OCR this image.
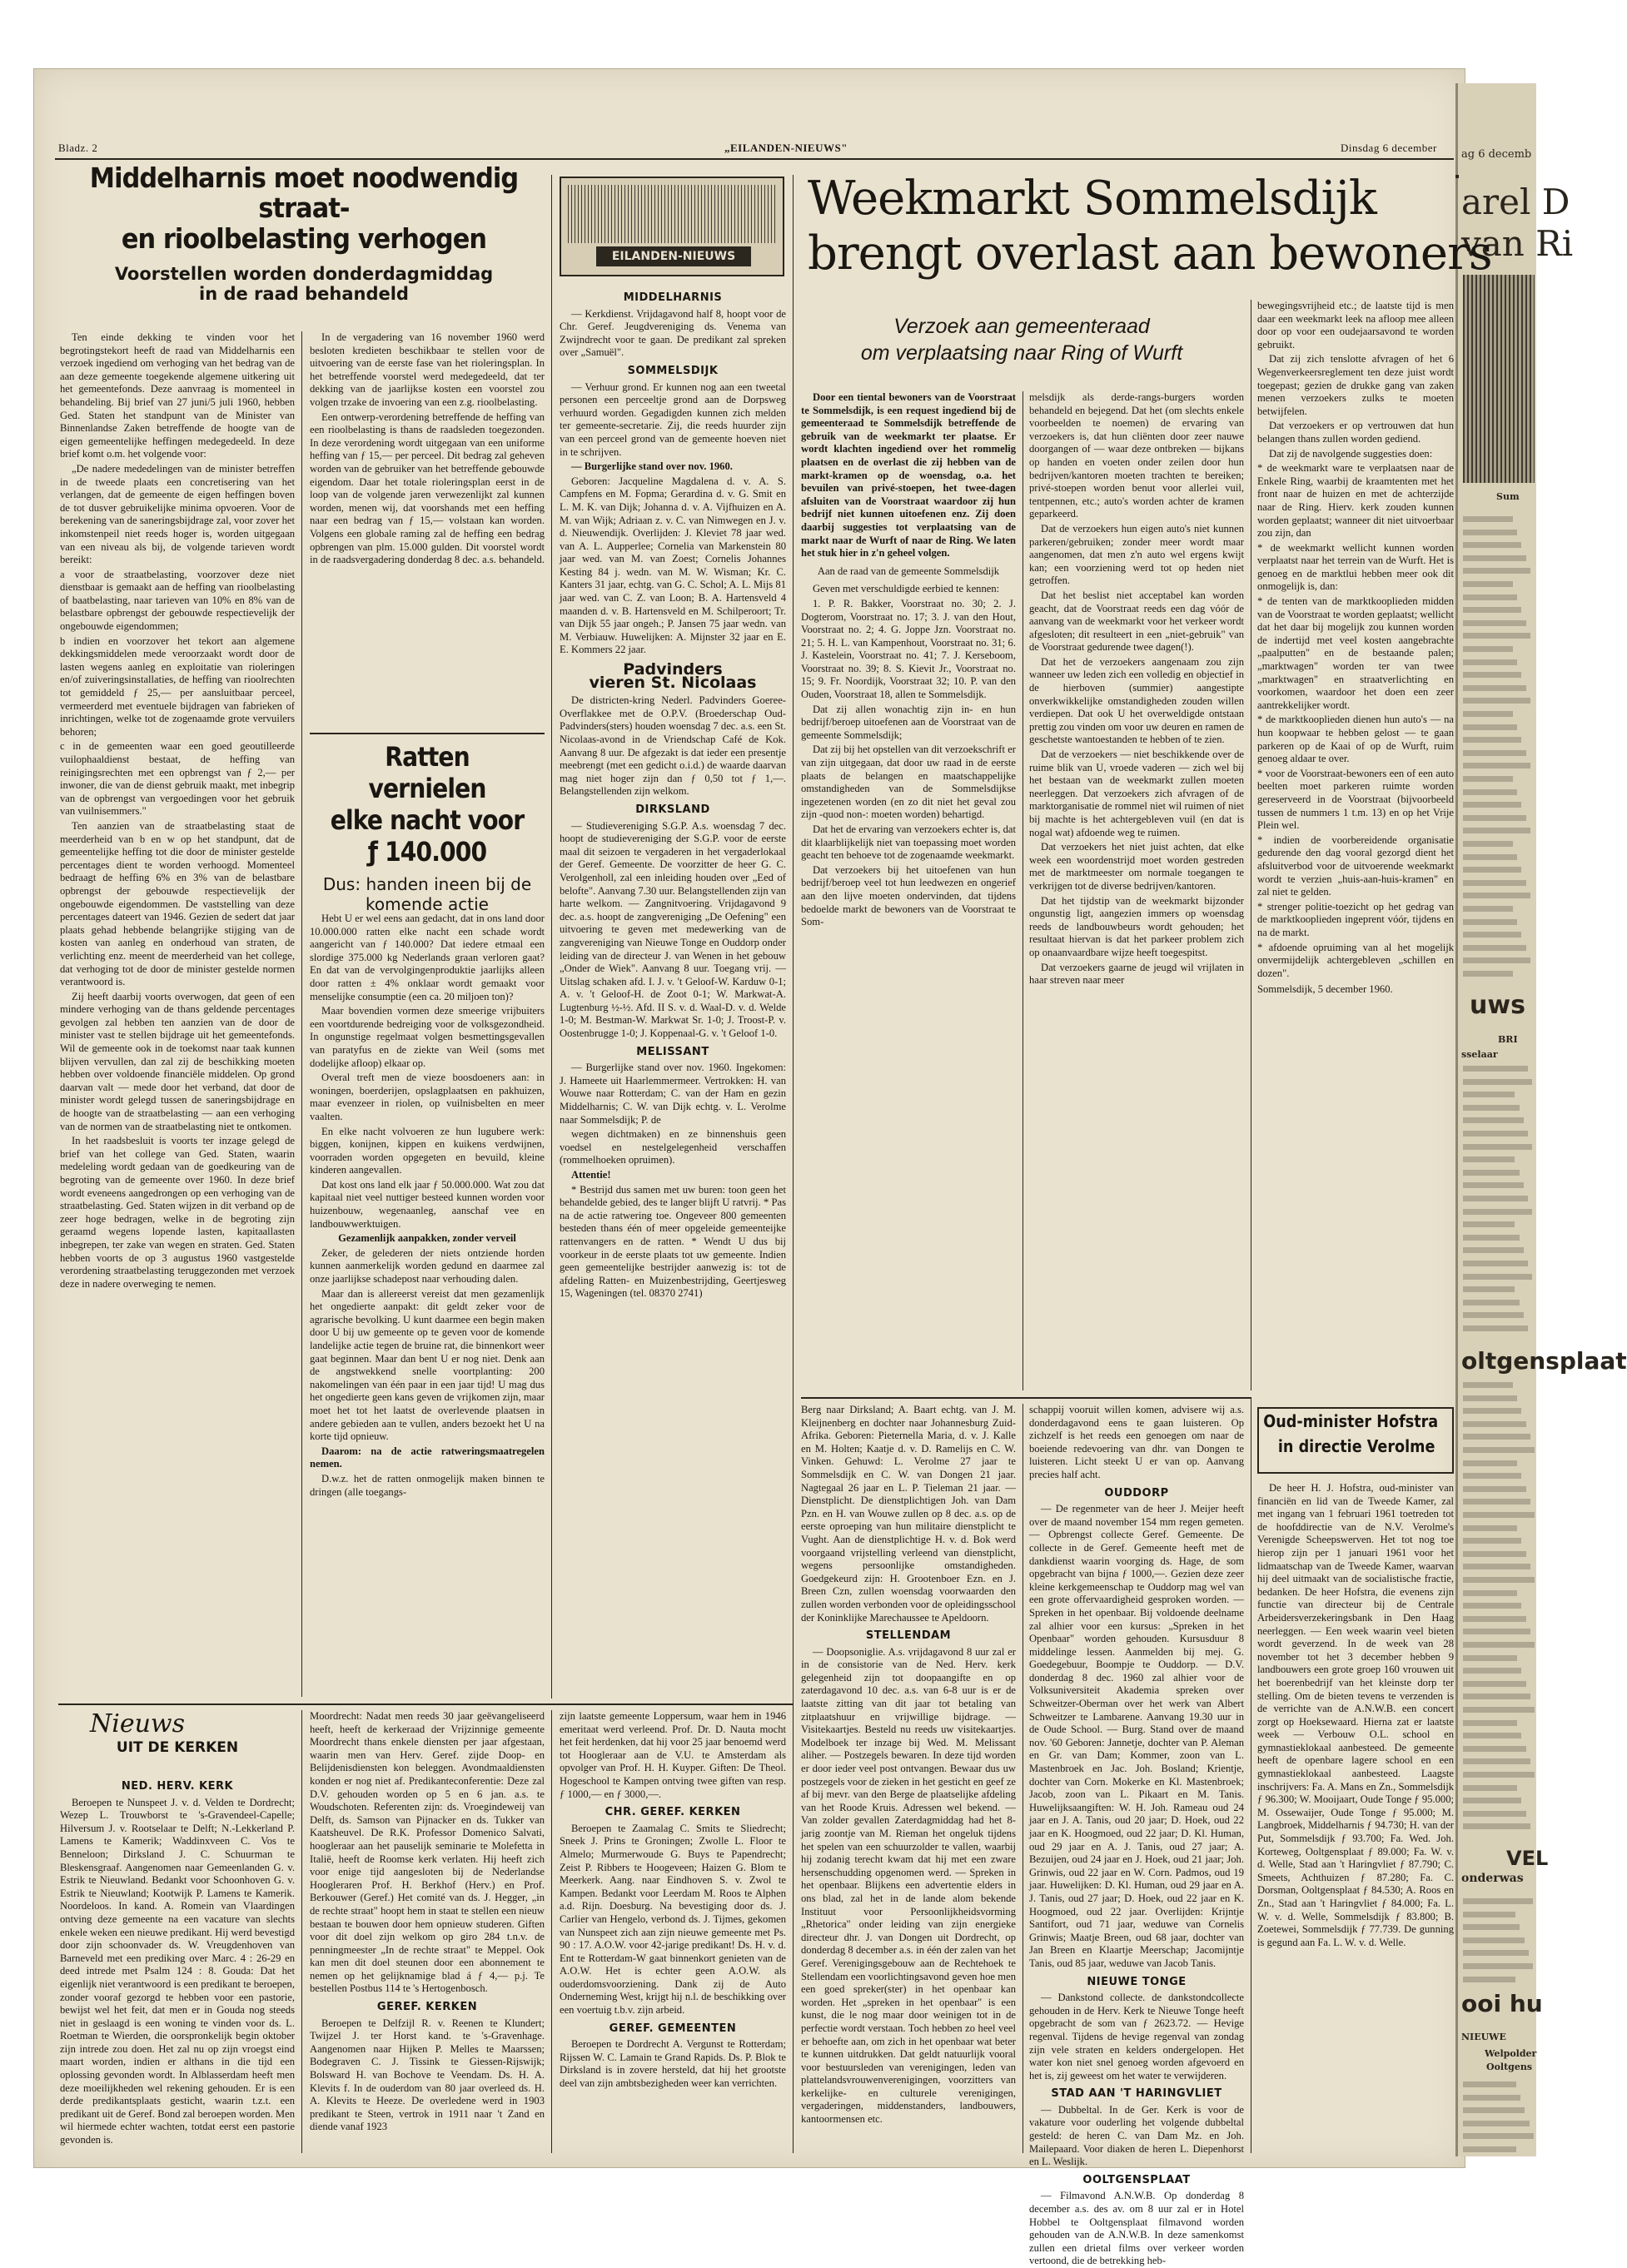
ag 6 decemb
arel D
van Ri
Sum
uws
BRI
sselaar
oltgensplaat
VEL
onderwas
ooi hu
NIEUWE
Welpolder
Ooltgens
Bladz. 2	„EILANDEN-NIEUWS"	Dinsdag 6 december
Middelharnis moet noodwendig straat-
en rioolbelasting verhogen
Voorstellen worden donderdagmiddag
in de raad behandeld

Ten einde dekking te vinden voor het begrotingstekort heeft de raad van Middelharnis een verzoek ingediend om verhoging van het bedrag van de aan deze gemeente toegekende algemene uitkering uit het gemeentefonds. Deze aanvraag is momenteel in behandeling. Bij brief van 27 juni/5 juli 1960, hebben Ged. Staten het standpunt van de Minister van Binnenlandse Zaken betreffende de hoogte van de eigen gemeentelijke heffingen medegedeeld. In deze brief komt o.m. het volgende voor:

„De nadere mededelingen van de minister betreffen in de tweede plaats een concretisering van het verlangen, dat de gemeente de eigen heffingen boven de tot dusver gebruikelijke minima opvoeren. Voor de berekening van de saneringsbijdrage zal, voor zover het inkomstenpeil niet reeds hoger is, worden uitgegaan van een niveau als bij, de volgende tarieven wordt bereikt:

a voor de straatbelasting, voorzover deze niet dienstbaar is gemaakt aan de heffing van rioolbelasting of baatbelasting, naar tarieven van 10% en 8% van de belastbare opbrengst der gebouwde respectievelijk der ongebouwde eigendommen;

b indien en voorzover het tekort aan algemene dekkingsmiddelen mede veroorzaakt wordt door de lasten wegens aanleg en exploitatie van rioleringen en/of zuiveringsinstallaties, de heffing van rioolrechten tot gemiddeld ƒ 25,— per aansluitbaar perceel, vermeerderd met eventuele bijdragen van fabrieken of inrichtingen, welke tot de zogenaamde grote vervuilers behoren;

c in de gemeenten waar een goed geoutilleerde vuilophaaldienst bestaat, de heffing van reinigingsrechten met een opbrengst van ƒ 2,— per inwoner, die van de dienst gebruik maakt, met inbegrip van de opbrengst van vergoedingen voor het gebruik van vuilnisemmers."

Ten aanzien van de straatbelasting staat de meerderheid van b en w op het standpunt, dat de gemeentelijke heffing tot die door de minister gestelde percentages dient te worden verhoogd. Momenteel bedraagt de heffing 6% en 3% van de belastbare opbrengst der gebouwde respectievelijk der ongebouwde eigendommen. De vaststelling van deze percentages dateert van 1946. Gezien de sedert dat jaar plaats gehad hebbende belangrijke stijging van de kosten van aanleg en onderhoud van straten, de verlichting enz. meent de meerderheid van het college, dat verhoging tot de door de minister gestelde normen verantwoord is.

Zij heeft daarbij voorts overwogen, dat geen of een mindere verhoging van de thans geldende percentages gevolgen zal hebben ten aanzien van de door de minister vast te stellen bijdrage uit het gemeentefonds. Wil de gemeente ook in de toekomst naar taak kunnen blijven vervullen, dan zal zij de beschikking moeten hebben over voldoende financiële middelen. Op grond daarvan valt — mede door het verband, dat door de minister wordt gelegd tussen de saneringsbijdrage en de hoogte van de straatbelasting — aan een verhoging van de normen van de straatbelasting niet te ontkomen.

In het raadsbesluit is voorts ter inzage gelegd de brief van het college van Ged. Staten, waarin medeleling wordt gedaan van de goedkeuring van de begroting van de gemeente over 1960. In deze brief wordt eveneens aangedrongen op een verhoging van de straatbelasting. Ged. Staten wijzen in dit verband op de zeer hoge bedragen, welke in de begroting zijn geraamd wegens lopende lasten, kapitaallasten inbegrepen, ter zake van wegen en straten. Ged. Staten hebben voorts de op 3 augustus 1960 vastgestelde verordening straatbelasting teruggezonden met verzoek deze in nadere overweging te nemen.

In de vergadering van 16 november 1960 werd besloten kredieten beschikbaar te stellen voor de uitvoering van de eerste fase van het rioleringsplan. In het betreffende voorstel werd medegedeeld, dat ter dekking van de jaarlijkse kosten een voorstel zou volgen trzake de invoering van een z.g. rioolbelasting.

Een ontwerp-verordening betreffende de heffing van een rioolbelasting is thans de raadsleden toegezonden. In deze verordening wordt uitgegaan van een uniforme heffing van ƒ 15,— per perceel. Dit bedrag zal geheven worden van de gebruiker van het betreffende gebouwde eigendom. Daar het totale rioleringsplan eerst in de loop van de volgende jaren verwezenlijkt zal kunnen worden, menen wij, dat voorshands met een heffing naar een bedrag van ƒ 15,— volstaan kan worden. Volgens een globale raming zal de heffing een bedrag opbrengen van plm. 15.000 gulden. Dit voorstel wordt in de raadsvergadering donderdag 8 dec. a.s. behandeld.

Ratten vernielen
elke nacht voor
ƒ 140.000
Dus: handen ineen bij de
komende actie

Hebt U er wel eens aan gedacht, dat in ons land door 10.000.000 ratten elke nacht een schade wordt aangericht van ƒ 140.000? Dat iedere etmaal een slordige 375.000 kg Nederlands graan verloren gaat? En dat van de vervolgingenproduktie jaarlijks alleen door ratten ± 4% onklaar wordt gemaakt voor menselijke consumptie (een ca. 20 miljoen ton)?

Maar bovendien vormen deze smeerige vrijbuiters een voortdurende bedreiging voor de volksgezondheid. In ongunstige regelmaat volgen besmettingsgevallen van paratyfus en de ziekte van Weil (soms met dodelijke afloop) elkaar op.

Overal treft men de vieze boosdoeners aan: in woningen, boerderijen, opslagplaatsen en pakhuizen, maar evenzeer in riolen, op vuilnisbelten en meer vaalten.

En elke nacht volvoeren ze hun lugubere werk: biggen, konijnen, kippen en kuikens verdwijnen, voorraden worden opgegeten en bevuild, kleine kinderen aangevallen.

Dat kost ons land elk jaar ƒ 50.000.000. Wat zou dat kapitaal niet veel nuttiger besteed kunnen worden voor huizenbouw, wegenaanleg, aanschaf vee en landbouwwerktuigen.

Gezamenlijk aanpakken, zonder verveil

Zeker, de gelederen der niets ontziende horden kunnen aanmerkelijk worden gedund en daarmee zal onze jaarlijkse schadepost naar verhouding dalen.

Maar dan is allereerst vereist dat men gezamenlijk het ongedierte aanpakt: dit geldt zeker voor de agrarische bevolking. U kunt daarmee een begin maken door U bij uw gemeente op te geven voor de komende landelijke actie tegen de bruine rat, die binnenkort weer gaat beginnen. Maar dan bent U er nog niet. Denk aan de angstwekkend snelle voortplanting: 200 nakomelingen van één paar in een jaar tijd! U mag dus het ongedierte geen kans geven de vrijkomen zijn, maar moet het tot het laatst de overlevende plaatsen in andere gebieden aan te vullen, anders bezoekt het U na korte tijd opnieuw.

Daarom: na de actie ratweringsmaatregelen nemen.

D.w.z. het de ratten onmogelijk maken binnen te dringen (alle toegangs-

EILANDEN-NIEUWS
MIDDELHARNIS

— Kerkdienst. Vrijdagavond half 8, hoopt voor de Chr. Geref. Jeugdvereniging ds. Venema van Zwijndrecht voor te gaan. De predikant zal spreken over „Samuël".

SOMMELSDIJK

— Verhuur grond. Er kunnen nog aan een tweetal personen een perceeltje grond aan de Dorpsweg verhuurd worden. Gegadigden kunnen zich melden ter gemeente-secretarie. Zij, die reeds huurder zijn van een perceel grond van de gemeente hoeven niet in te schrijven.

— Burgerlijke stand over nov. 1960.

Geboren: Jacqueline Magdalena d. v. A. S. Campfens en M. Fopma; Gerardina d. v. G. Smit en L. M. K. van Dijk; Johanna d. v. A. Vijfhuizen en A. M. van Wijk; Adriaan z. v. C. van Nimwegen en J. v. d. Nieuwendijk. Overlijden: J. Kleviet 78 jaar wed. van A. L. Aupperlee; Cornelia van Markenstein 80 jaar wed. van M. van Zoest; Cornelis Johannes Kesting 84 j. wedn. van M. W. Wisman; Kr. C. Kanters 31 jaar, echtg. van G. C. Schol; A. L. Mijs 81 jaar wed. van C. Z. van Loon; B. A. Hartensveld 4 maanden d. v. B. Hartensveld en M. Schilperoort; Tr. van Dijk 55 jaar ongeh.; P. Jansen 75 jaar wedn. van M. Verbiauw. Huwelijken: A. Mijnster 32 jaar en E. E. Kommers 22 jaar.

Padvinders
vieren St. Nicolaas

De districten-kring Nederl. Padvinders Goeree-Overflakkee met de O.P.V. (Broederschap Oud-Padvinders(sters) houden woensdag 7 dec. a.s. een St. Nicolaas-avond in de Vriendschap Café de Kok. Aanvang 8 uur. De afgezakt is dat ieder een presentje meebrengt (met een gedicht o.i.d.) de waarde daarvan mag niet hoger zijn dan ƒ 0,50 tot ƒ 1,—. Belangstellenden zijn welkom.

DIRKSLAND

— Studievereniging S.G.P. A.s. woensdag 7 dec. hoopt de studievereniging der S.G.P. voor de eerste maal dit seizoen te vergaderen in het vergaderlokaal der Geref. Gemeente. De voorzitter de heer G. C. Verolgenholl, zal een inleiding houden over „Eed of belofte". Aanvang 7.30 uur. Belangstellenden zijn van harte welkom. — Zangnitvoering. Vrijdagavond 9 dec. a.s. hoopt de zangvereniging „De Oefening" een uitvoering te geven met medewerking van de zangvereniging van Nieuwe Tonge en Ouddorp onder leiding van de directeur J. van Wenen in het gebouw „Onder de Wiek". Aanvang 8 uur. Toegang vrij. — Uitslag schaken afd. I. J. v. 't Geloof-W. Karduw 0-1; A. v. 't Geloof-H. de Zoot 0-1; W. Markwat-A. Lugtenburg ½-½. Afd. II S. v. d. Waal-D. v. d. Welde 1-0; M. Bestman-W. Markwat Sr. 1-0; J. Troost-P. v. Oostenbrugge 1-0; J. Koppenaal-G. v. 't Geloof 1-0.

MELISSANT

— Burgerlijke stand over nov. 1960. Ingekomen: J. Hameete uit Haarlemmermeer. Vertrokken: H. van Wouwe naar Rotterdam; C. van der Ham en gezin Middelharnis; C. W. van Dijk echtg. v. L. Verolme naar Sommelsdijk; P. de

wegen dichtmaken) en ze binnenshuis geen voedsel en nestelgelegenheid verschaffen (rommelhoeken opruimen).

Attentie!

* Bestrijd dus samen met uw buren: toon geen het behandelde gebied, des te langer blijft U ratvrij. * Pas na de actie ratwering toe. Ongeveer 800 gemeenten besteden thans één of meer opgeleide gemeenteijke rattenvangers en de ratten. * Wendt U dus bij voorkeur in de eerste plaats tot uw gemeente. Indien geen gemeentelijke bestrijder aanwezig is: tot de afdeling Ratten- en Muizenbestrijding, Geertjesweg 15, Wageningen (tel. 08370 2741)

Weekmarkt Sommelsdijk
brengt overlast aan bewoners
Verzoek aan gemeenteraad
om verplaatsing naar Ring of Wurft

Door een tiental bewoners van de Voorstraat te Sommelsdijk, is een request ingediend bij de gemeenteraad te Sommelsdijk betreffende de gebruik van de weekmarkt ter plaatse. Er wordt klachten ingediend over het rommelig plaatsen en de overlast die zij hebben van de markt-kramen op de woensdag, o.a. het bevuilen van privé-stoepen, het twee-dagen afsluiten van de Voorstraat waardoor zij hun bedrijf niet kunnen uitoefenen enz. Zij doen daarbij suggesties tot verplaatsing van de markt naar de Wurft of naar de Ring. We laten het stuk hier in z'n geheel volgen.

Aan de raad van de gemeente Sommelsdijk

Geven met verschuldigde eerbied te kennen:

1. P. R. Bakker, Voorstraat no. 30; 2. J. Dogterom, Voorstraat no. 17; 3. J. van den Hout, Voorstraat no. 2; 4. G. Joppe Jzn. Voorstraat no. 21; 5. H. L. van Kampenhout, Voorstraat no. 31; 6. J. Kastelein, Voorstraat no. 41; 7. J. Kerseboom, Voorstraat no. 39; 8. S. Kievit Jr., Voorstraat no. 15; 9. Fr. Noordijk, Voorstraat 32; 10. P. van den Ouden, Voorstraat 18, allen te Sommelsdijk.

Dat zij allen wonachtig zijn in- en hun bedrijf/beroep uitoefenen aan de Voorstraat van de gemeente Sommelsdijk;

Dat zij bij het opstellen van dit verzoekschrift er van zijn uitgegaan, dat door uw raad in de eerste plaats de belangen en maatschappelijke omstandigheden van de Sommelsdijkse ingezetenen worden (en zo dit niet het geval zou zijn -quod non-: moeten worden) behartigd.

Dat het de ervaring van verzoekers echter is, dat dit klaarblijkelijk niet van toepassing moet worden geacht ten behoeve tot de zogenaamde weekmarkt.

Dat verzoekers bij het uitoefenen van hun bedrijf/beroep veel tot hun leedwezen en ongerief aan den lijve moeten ondervinden, dat tijdens bedoelde markt de bewoners van de Voorstraat te Som-

melsdijk als derde-rangs-burgers worden behandeld en bejegend. Dat het (om slechts enkele voorbeelden te noemen) de ervaring van verzoekers is, dat hun cliënten door zeer nauwe doorgangen of — waar deze ontbreken — bijkans op handen en voeten onder zeilen door hun bedrijven/kantoren moeten trachten te bereiken; privé-stoepen worden benut voor allerlei vuil, tentpennen, etc.; auto's worden achter de kramen geparkeerd.

Dat de verzoekers hun eigen auto's niet kunnen parkeren/gebruiken; zonder meer wordt maar aangenomen, dat men z'n auto wel ergens kwijt kan; een voorziening werd tot op heden niet getroffen.

Dat het beslist niet acceptabel kan worden geacht, dat de Voorstraat reeds een dag vóór de aanvang van de weekmarkt voor het verkeer wordt afgesloten; dit resulteert in een „niet-gebruik" van de Voorstraat gedurende twee dagen(!).

Dat het de verzoekers aangenaam zou zijn wanneer uw leden zich een volledig en objectief in de hierboven (summier) aangestipte onverkwikkelijke omstandigheden zouden willen verdiepen. Dat ook U het overweldigde ontstaan prettig zou vinden om voor uw deuren en ramen de geschetste wantoestanden te hebben of te zien.

Dat de verzoekers — niet beschikkende over de ruime blik van U, vroede vaderen — zich wel bij het bestaan van de weekmarkt zullen moeten neerleggen. Dat verzoekers zich afvragen of de marktorganisatie de rommel niet wil ruimen of niet bij machte is het achtergebleven vuil (en dat is nogal wat) afdoende weg te ruimen.

Dat verzoekers het niet juist achten, dat elke week een woordenstrijd moet worden gestreden met de marktmeester om normale toegangen te verkrijgen tot de diverse bedrijven/kantoren.

Dat het tijdstip van de weekmarkt bijzonder ongunstig ligt, aangezien immers op woensdag reeds de landbouwbeurs wordt gehouden; het resultaat hiervan is dat het parkeer problem zich op onaanvaardbare wijze heeft toegespitst.

Dat verzoekers gaarne de jeugd wil vrijlaten in haar streven naar meer

bewegingsvrijheid etc.; de laatste tijd is men daar een weekmarkt leek na afloop mee alleen door op voor een oudejaarsavond te worden gebruikt.

Dat zij zich tenslotte afvragen of het 6 Wegenverkeersreglement ten deze juist wordt toegepast; gezien de drukke gang van zaken menen verzoekers zulks te moeten betwijfelen.

Dat verzoekers er op vertrouwen dat hun belangen thans zullen worden gediend.

Dat zij de navolgende suggesties doen:

* de weekmarkt ware te verplaatsen naar de Enkele Ring, waarbij de kraamtenten met het front naar de huizen en met de achterzijde naar de Ring. Hierv. kerk zouden kunnen worden geplaatst; wanneer dit niet uitvoerbaar zou zijn, dan

* de weekmarkt wellicht kunnen worden verplaatst naar het terrein van de Wurft. Het is genoeg en de marktlui hebben meer ook dit onmogelijk is, dan:

* de tenten van de marktkooplieden midden van de Voorstraat te worden geplaatst; wellicht dat het daar bij mogelijk zou kunnen worden de indertijd met veel kosten aangebrachte „paalputten" en de bestaande palen; „marktwagen" worden ter van twee „marktwagen" en straatverlichting en voorkomen, waardoor het doen een zeer aantrekkelijker wordt.

* de marktkooplieden dienen hun auto's — na hun koopwaar te hebben gelost — te gaan parkeren op de Kaai of op de Wurft, ruim genoeg aldaar te over.

* voor de Voorstraat-bewoners een of een auto beelten moet parkeren ruimte worden gereserveerd in de Voorstraat (bijvoorbeeld tussen de nummers 1 t.m. 13) en op het Vrije Plein wel.

* indien de voorbereidende organisatie gedurende den dag vooral gezorgd dient het afsluitverbod voor de uitvoerende weekmarkt wordt te verzien „huis-aan-huis-kramen" en zal niet te gelden.

* strenger politie-toezicht op het gedrag van de marktkooplieden ingeprent vóór, tijdens en na de markt.

* afdoende opruiming van al het mogelijk onvermijdelijk achtergebleven „schillen en dozen".

Sommelsdijk, 5 december 1960.

Berg naar Dirksland; A. Baart echtg. van J. M. Kleijnenberg en dochter naar Johannesburg Zuid-Afrika. Geboren: Pieternella Maria, d. v. J. Kalle en M. Holten; Kaatje d. v. D. Ramelijs en C. W. Vinken. Gehuwd: L. Verolme 27 jaar te Sommelsdijk en C. W. van Dongen 21 jaar. Nagtegaal 26 jaar en L. P. Tieleman 21 jaar. — Dienstplicht. De dienstplichtigen Joh. van Dam Pzn. en H. van Wouwe zullen op 8 dec. a.s. op de eerste oproeping van hun militaire dienstplicht te Vught. Aan de dienstplichtige H. v. d. Bok werd voorgaand vrijstelling verleend van dienstplicht, wegens persoonlijke omstandigheden. Goedgekeurd zijn: H. Grootenboer Ezn. en J. Breen Czn, zullen woensdag voorwaarden den zullen worden verbonden voor de opleidingsschool der Koninklijke Marechaussee te Apeldoorn.

STELLENDAM

— Doopsoniglie. A.s. vrijdagavond 8 uur zal er in de consistorie van de Ned. Herv. kerk gelegenheid zijn tot doopaangifte en op zaterdagavond 10 dec. a.s. van 6-8 uur is er de laatste zitting van dit jaar tot betaling van zitplaatshuur en vrijwillige bijdrage. — Visitekaartjes. Besteld nu reeds uw visitekaartjes. Modelboek ter inzage bij Wed. M. Melissant aliher. — Postzegels bewaren. In deze tijd worden er door ieder veel post ontvangen. Bewaar dus uw postzegels voor de zieken in het gesticht en geef ze af bij mevr. van den Berge de plaatselijke afdeling van het Roode Kruis. Adressen wel bekend. — Van zolder gevallen Zaterdagmiddag had het 8-jarig zoontje van M. Rieman het ongeluk tijdens het spelen van een schuurzolder te vallen, waarbij hij zodanig terecht kwam dat hij met een zware hersenschudding opgenomen werd. — Spreken in het openbaar. Blijkens een advertentie elders in ons blad, zal het in de lande alom bekende Instituut voor Persoonlijkheidsvorming „Rhetorica" onder leiding van zijn energieke directeur dhr. J. van Dongen uit Dordrecht, op donderdag 8 december a.s. in één der zalen van het Geref. Verenigingsgebouw aan de Rechtehoek te Stellendam een voorlichtingsavond geven hoe men een goed spreker(ster) in het openbaar kan worden. Het „spreken in het openbaar" is een kunst, die le nog maar door weinigen tot in de perfectie wordt verstaan. Toch hebben zo heel veel er behoefte aan, om zich in het openbaar wat beter te kunnen uitdrukken. Dat geldt natuurlijk vooral voor bestuursleden van verenigingen, leden van plattelandsvrouwenverenigingen, voorzitters van kerkelijke- en culturele verenigingen, vergaderingen, middenstanders, landbouwers, kantoormensen etc.

schappij vooruit willen komen, advisere wij a.s. donderdagavond eens te gaan luisteren. Op zichzelf is het reeds een genoegen om naar de boeiende redevoering van dhr. van Dongen te luisteren. Licht steekt U er van op. Aanvang precies half acht.

OUDDORP

— De regenmeter van de heer J. Meijer heeft over de maand november 154 mm regen gemeten. — Opbrengst collecte Geref. Gemeente. De collecte in de Geref. Gemeente heeft met de dankdienst waarin voorging ds. Hage, de som opgebracht van bijna ƒ 1000,—. Gezien deze zeer kleine kerkgemeenschap te Ouddorp mag wel van een grote offervaardigheid gesproken worden. — Spreken in het openbaar. Bij voldoende deelname zal alhier voor een kursus: „Spreken in het Openbaar" worden gehouden. Kursusduur 8 middelinge lessen. Aanmelden bij mej. G. Goedegebuur, Boompje te Ouddorp. — D.V. donderdag 8 dec. 1960 zal alhier voor de Volksuniversiteit Akademia spreken over Schweitzer-Oberman over het werk van Albert Schweitzer te Lambarene. Aanvang 19.30 uur in de Oude School. — Burg. Stand over de maand nov. '60 Geboren: Jannetje, dochter van P. Aleman en Gr. van Dam; Kommer, zoon van L. Mastenbroek en Jac. Joh. Bosland; Krientje, dochter van Corn. Mokerke en Kl. Mastenbroek; Jacob, zoon van L. Pikaart en M. Tanis. Huwelijksaangiften: W. H. Joh. Rameau oud 24 jaar en J. A. Tanis, oud 20 jaar; D. Hoek, oud 22 jaar en K. Hoogmoed, oud 22 jaar; D. Kl. Human, oud 29 jaar en A. J. Tanis, oud 27 jaar; A. Bezuijen, oud 24 jaar en J. Hoek, oud 21 jaar; Joh. Grinwis, oud 22 jaar en W. Corn. Padmos, oud 19 jaar. Huwelijken: D. Kl. Human, oud 29 jaar en A. J. Tanis, oud 27 jaar; D. Hoek, oud 22 jaar en K. Hoogmoed, oud 22 jaar. Overlijden: Krijntje Santifort, oud 71 jaar, weduwe van Cornelis Grinwis; Maatje Breen, oud 68 jaar, dochter van Jan Breen en Klaartje Meerschap; Jacomijntje Tanis, oud 85 jaar, weduwe van Jacob Tanis.

NIEUWE TONGE

— Dankstond collecte. de dankstondcollecte gehouden in de Herv. Kerk te Nieuwe Tonge heeft opgebracht de som van ƒ 2623.72. — Hevige regenval. Tijdens de hevige regenval van zondag zijn vele straten en kelders ondergelopen. Het water kon niet snel genoeg worden afgevoerd en het is, zij geweest om het water te verwijderen.

STAD AAN 'T HARINGVLIET

— Dubbeltal. In de Ger. Kerk is voor de vakature voor ouderling het volgende dubbeltal gesteld: de heren C. van Dam Mz. en Joh. Mailepaard. Voor diaken de heren L. Diepenhorst en L. Weslijk.

OOLTGENSPLAAT

— Filmavond A.N.W.B. Op donderdag 8 december a.s. des av. om 8 uur zal er in Hotel Hobbel te Ooltgensplaat filmavond worden gehouden van de A.N.W.B. In deze samenkomst zullen een drietal films over verkeer worden vertoond, die de betrekking heb-

Oud-minister Hofstra
in directie Verolme

De heer H. J. Hofstra, oud-minister van financiën en lid van de Tweede Kamer, zal met ingang van 1 februari 1961 toetreden tot de hoofddirectie van de N.V. Verolme's Verenigde Scheepswerven. Het tot nog toe hierop zijn per 1 januari 1961 voor het lidmaatschap van de Tweede Kamer, waarvan hij deel uitmaakt van de socialistische fractie, bedanken. De heer Hofstra, die evenens zijn functie van directeur bij de Centrale Arbeidersverzekeringsbank in Den Haag neerleggen. — Een week waarin veel bieten wordt geverzend. In de week van 28 november tot het 3 december hebben 9 landbouwers een grote groep 160 vrouwen uit het boerenbedrijf van het kleinste dorp ter stelling. Om de bieten tevens te verzenden is de verrichte van de A.N.W.B. een concert zorgt op Hoeksewaard. Hierna zat er laatste week — Verbouw O.L. school en gymnastieklokaal aanbesteed. De gemeente heeft de openbare lagere school en een gymnastieklokaal aanbesteed. Laagste inschrijvers: Fa. A. Mans en Zn., Sommelsdijk ƒ 96.300; W. Mooijaart, Oude Tonge ƒ 95.000; M. Ossewaijer, Oude Tonge ƒ 95.000; M. Langbroek, Middelharnis ƒ 94.730; H. van der Put, Sommelsdijk ƒ 93.700; Fa. Wed. Joh. Korteweg, Ooltgensplaat ƒ 89.000; Fa. W. v. d. Welle, Stad aan 't Haringvliet ƒ 87.790; C. Smeets, Achthuizen ƒ 87.280; Fa. C. Dorsman, Ooltgensplaat ƒ 84.530; A. Roos en Zn., Stad aan 't Haringvliet ƒ 84.000; Fa. L. W. v. d. Welle, Sommelsdijk ƒ 83.800; B. Zoetewei, Sommelsdijk ƒ 77.739. De gunning is gegund aan Fa. L. W. v. d. Welle.

Nieuws
UIT DE KERKEN
NED. HERV. KERK

Beroepen te Nunspeet J. v. d. Velden te Dordrecht; Wezep L. Trouwborst te 's-Gravendeel-Capelle; Hilversum J. v. Rootselaar te Delft; N.-Lekkerland P. Lamens te Kamerik; Waddinxveen C. Vos te Benneloon; Dirksland J. C. Schuurman te Bleskensgraaf. Aangenomen naar Gemeenlanden G. v. Estrik te Nieuwland. Bedankt voor Schoonhoven G. v. Estrik te Nieuwland; Kootwijk P. Lamens te Kamerik. Noordeloos. In kand. A. Romein van Vlaardingen ontving deze gemeente na een vacature van slechts enkele weken een nieuwe predikant. Hij werd bevestigd door zijn schoonvader ds. W. Vreugdenhoven van Barneveld met een prediking over Marc. 4 : 26-29 en deed intrede met Psalm 124 : 8. Gouda: Dat het eigenlijk niet verantwoord is een predikant te beroepen, zonder vooraf gezorgd te hebben voor een pastorie, bewijst wel het feit, dat men er in Gouda nog steeds niet in geslaagd is een woning te vinden voor ds. L. Roetman te Wierden, die oorspronkelijk begin oktober zijn intrede zou doen. Het zal nu op zijn vroegst eind maart worden, indien er althans in die tijd een oplossing gevonden wordt. In Alblasserdam heeft men deze moeilijkheden wel rekening gehouden. Er is een derde predikantsplaats gesticht, waarin t.z.t. een predikant uit de Geref. Bond zal beroepen worden. Men wil hiermede echter wachten, totdat eerst een pastorie gevonden is.

Moordrecht: Nadat men reeds 30 jaar geëvangeliseerd heeft, heeft de kerkeraad der Vrijzinnige gemeente Moordrecht thans enkele diensten per jaar afgestaan, waarin men van Herv. Geref. zijde Doop- en Belijdenisdiensten kon beleggen. Avondmaaldiensten konden er nog niet af. Predikanteconferentie: Deze zal D.V. gehouden worden op 5 en 6 jan. a.s. te Woudschoten. Referenten zijn: ds. Vroegindeweij van Delft, ds. Samson van Pijnacker en ds. Tukker van Kaatsheuvel. De R.K. Professor Domenico Salvati, hoogleraar aan het pauselijk seminarie te Molefetta in Italië, heeft de Roomse kerk verlaten. Hij heeft zich voor enige tijd aangesloten bij de Nederlandse Hoogleraren Prof. H. Berkhof (Herv.) en Prof. Berkouwer (Geref.) Het comité van ds. J. Hegger, „in de rechte straat" hoopt hem in staat te stellen een nieuw bestaan te bouwen door hem opnieuw studeren. Giften voor dit doel zijn welkom op giro 284 t.n.v. de penningmeester „In de rechte straat" te Meppel. Ook kan men dit doel steunen door een abonnement te nemen op het gelijknamige blad á ƒ 4,— p.j. Te bestellen Postbus 114 te 's Hertogenbosch.

GEREF. KERKEN

Beroepen te Delfzijl R. v. Reenen te Klundert; Twijzel J. ter Horst kand. te 's-Gravenhage. Aangenomen naar Hijken P. Melles te Maarssen; Bodegraven C. J. Tissink te Giessen-Rijswijk; Bolsward H. van Bochove te Veendam. Ds. H. A. Klevits f. In de ouderdom van 80 jaar overleed ds. H. A. Klevits te Heeze. De overledene werd in 1903 predikant te Steen, vertrok in 1911 naar 't Zand en diende vanaf 1923

zijn laatste gemeente Loppersum, waar hem in 1946 emeritaat werd verleend. Prof. Dr. D. Nauta mocht het feit herdenken, dat hij voor 25 jaar benoemd werd tot Hoogleraar aan de V.U. te Amsterdam als opvolger van Prof. H. H. Kuyper. Giften: De Theol. Hogeschool te Kampen ontving twee giften van resp. ƒ 1000,— en ƒ 3000,—.

CHR. GEREF. KERKEN

Beroepen te Zaamalag C. Smits te Sliedrecht; Sneek J. Prins te Groningen; Zwolle L. Floor te Almelo; Murmerwoude G. Buys te Papendrecht; Zeist P. Ribbers te Hoogeveen; Haizen G. Blom te Meerkerk. Aang. naar Eindhoven S. v. Zwol te Kampen. Bedankt voor Leerdam M. Roos te Alphen a.d. Rijn. Doesburg. Na bevestiging door ds. J. Carlier van Hengelo, verbond ds. J. Tijmes, gekomen van Nunspeet zich aan zijn nieuwe gemeente met Ps. 90 : 17. A.O.W. voor 42-jarige predikant! Ds. H. v. d. Ent te Rotterdam-W gaat binnenkort genieten van de A.O.W. Het is echter geen A.O.W. als ouderdomsvoorziening. Dank zij de Auto Onderneming West, krijgt hij n.l. de beschikking over een voertuig t.b.v. zijn arbeid.

GEREF. GEMEENTEN

Beroepen te Dordrecht A. Vergunst te Rotterdam; Rijssen W. C. Lamain te Grand Rapids. Ds. P. Blok te Dirksland is in zovere hersteld, dat hij het grootste deel van zijn ambtsbezigheden weer kan verrichten.
